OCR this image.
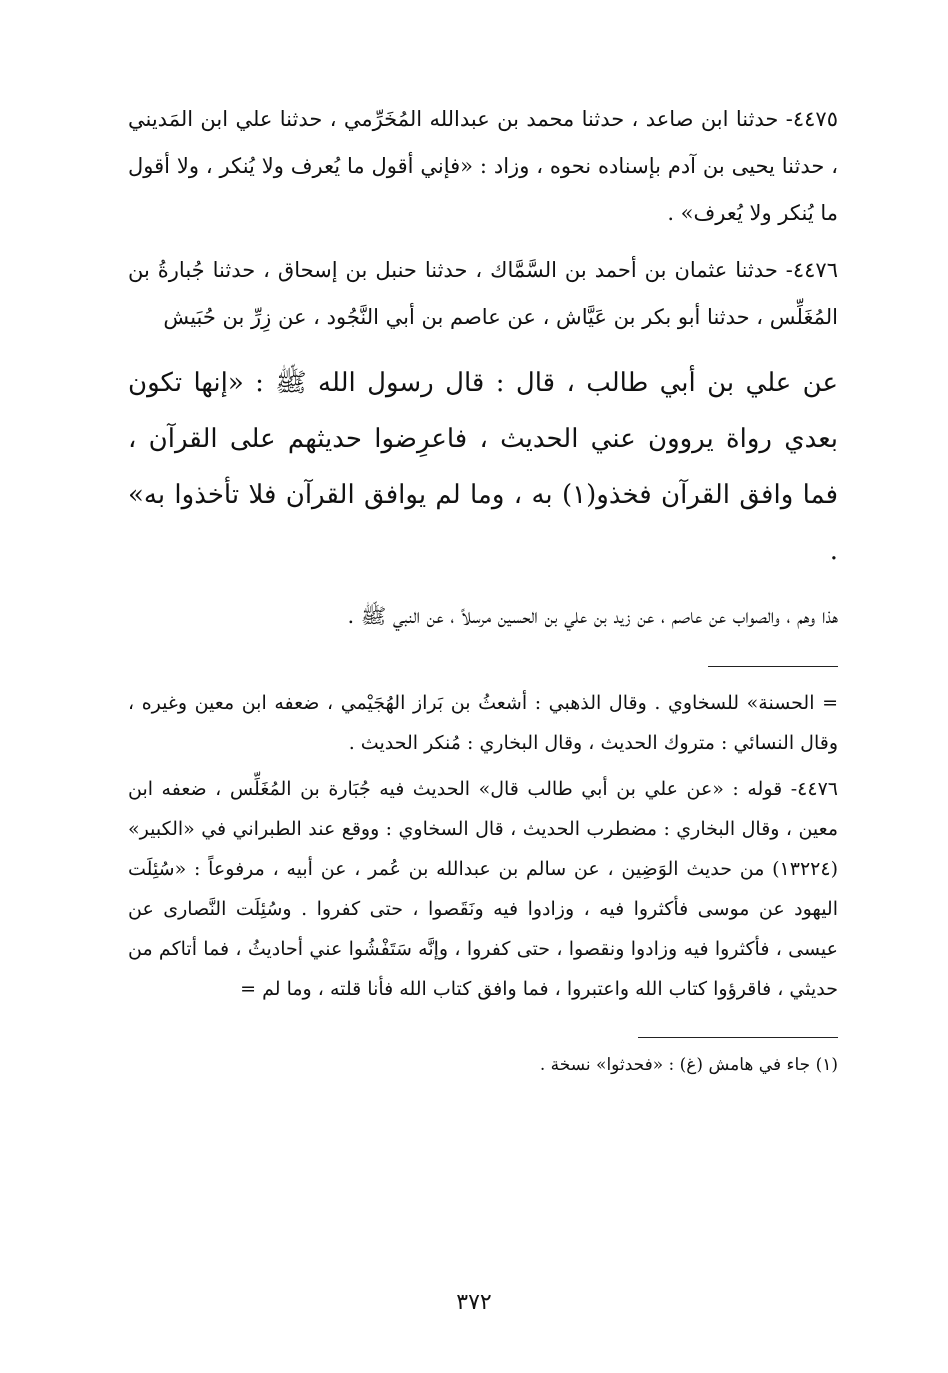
٤٤٧٥- حدثنا ابن صاعد ، حدثنا محمد بن عبدالله المُخَرِّمي ، حدثنا علي ابن المَديني ، حدثنا يحيى بن آدم بإسناده نحوه ، وزاد : «فإني أقول ما يُعرف ولا يُنكر ، ولا أقول ما يُنكر ولا يُعرف» .

٤٤٧٦- حدثنا عثمان بن أحمد بن السَّمَّاك ، حدثنا حنبل بن إسحاق ، حدثنا جُبارةُ بن المُغَلِّس ، حدثنا أبو بكر بن عَيَّاش ، عن عاصم بن أبي النَّجُود ، عن زِرِّ بن حُبَيش

عن علي بن أبي طالب ، قال : قال رسول الله ﷺ : «إنها تكون بعدي رواة يروون عني الحديث ، فاعرِضوا حديثهم على القرآن ، فما وافق القرآن فخذو(١) به ، وما لم يوافق القرآن فلا تأخذوا به» .

هذا وهم ، والصواب عن عاصم ، عن زيد بن علي بن الحسين مرسلاً ، عن النبي ﷺ .

= الحسنة» للسخاوي . وقال الذهبي : أشعثُ بن بَراز الهُجَيْمي ، ضعفه ابن معين وغيره ، وقال النسائي : متروك الحديث ، وقال البخاري : مُنكر الحديث .

٤٤٧٦- قوله : «عن علي بن أبي طالب قال» الحديث فيه جُبَارة بن المُغَلِّس ، ضعفه ابن معين ، وقال البخاري : مضطرب الحديث ، قال السخاوي : ووقع عند الطبراني في «الكبير» (١٣٢٢٤) من حديث الوَضِين ، عن سالم بن عبدالله بن عُمر ، عن أبيه ، مرفوعاً : «سُئِلَت اليهود عن موسى فأكثروا فيه ، وزادوا فيه ونَقَصوا ، حتى كفروا . وسُئِلَت النَّصارى عن عيسى ، فأكثروا فيه وزادوا ونقصوا ، حتى كفروا ، وإنَّه سَتَفْشُوا عني أحاديثُ ، فما أتاكم من حديثي ، فاقرؤوا كتاب الله واعتبروا ، فما وافق كتاب الله فأنا قلته ، وما لم =

(١) جاء في هامش (غ) : «فحدثوا» نسخة .

٣٧٢
